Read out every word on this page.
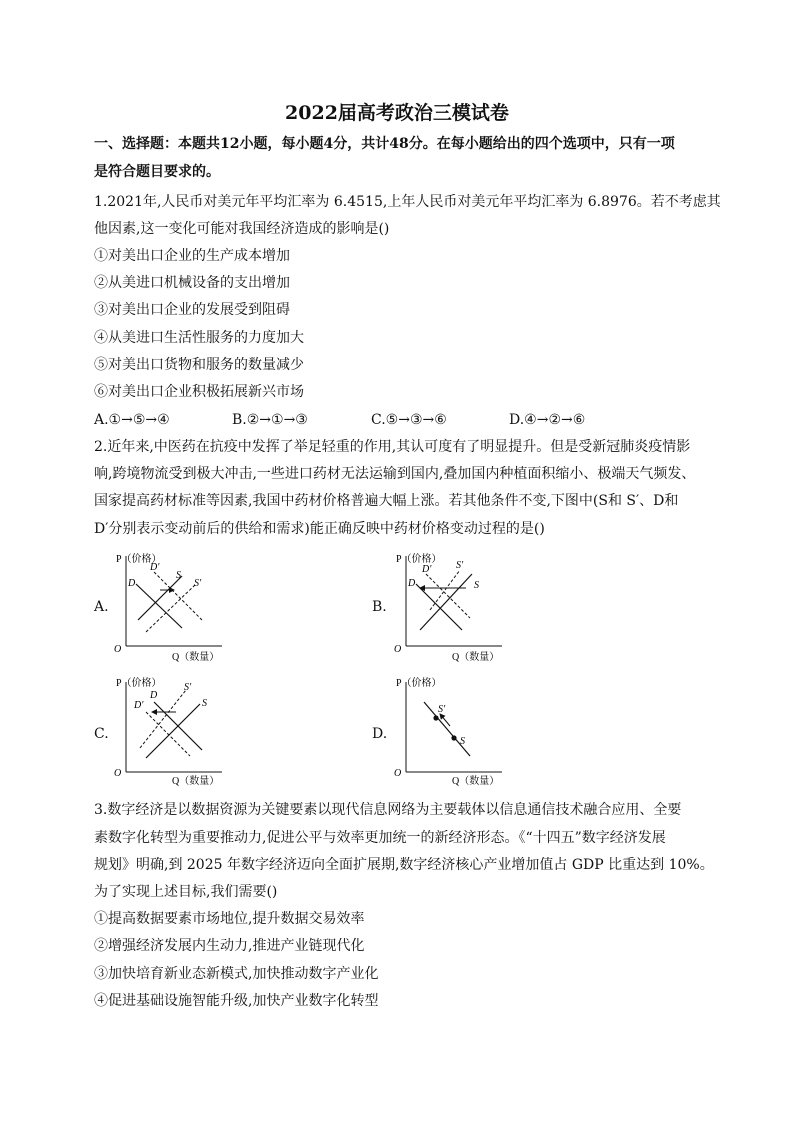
2022届高考政治三模试卷
一、选择题：本题共12小题，每小题4分，共计48分。在每小题给出的四个选项中，只有一项
是符合题目要求的。
1.2021年,人民币对美元年平均汇率为 6.4515,上年人民币对美元年平均汇率为 6.8976。若不考虑其
他因素,这一变化可能对我国经济造成的影响是()
①对美出口企业的生产成本增加
②从美进口机械设备的支出增加
③对美出口企业的发展受到阻碍
④从美进口生活性服务的力度加大
⑤对美出口货物和服务的数量减少
⑥对美出口企业积极拓展新兴市场
A.①→⑤→④	B.②→①→③	C.⑤→③→⑥	D.④→②→⑥
2.近年来,中医药在抗疫中发挥了举足轻重的作用,其认可度有了明显提升。但是受新冠肺炎疫情影
响,跨境物流受到极大冲击,一些进口药材无法运输到国内,叠加国内种植面积缩小、极端天气频发、
国家提高药材标准等因素,我国中药材价格普遍大幅上涨。若其他条件不变,下图中(S和 S′、D和
D′分别表示变动前后的供给和需求)能正确反映中药材价格变动过程的是()
A.	B.
C.	D.
P（价格）
Q（数量）
O
D
D′
S
S′
P（价格）
Q（数量）
O
D
D′
S
S′
P（价格）
Q（数量）
O
D
D′	S
S′	P（价格）
Q（数量）
O
S′
S
3.数字经济是以数据资源为关键要素以现代信息网络为主要载体以信息通信技术融合应用、全要
素数字化转型为重要推动力,促进公平与效率更加统一的新经济形态。《“十四五”数字经济发展
规划》明确,到 2025 年数字经济迈向全面扩展期,数字经济核心产业增加值占 GDP 比重达到 10%。
为了实现上述目标,我们需要()
①提高数据要素市场地位,提升数据交易效率
②增强经济发展内生动力,推进产业链现代化
③加快培育新业态新模式,加快推动数字产业化
④促进基础设施智能升级,加快产业数字化转型
